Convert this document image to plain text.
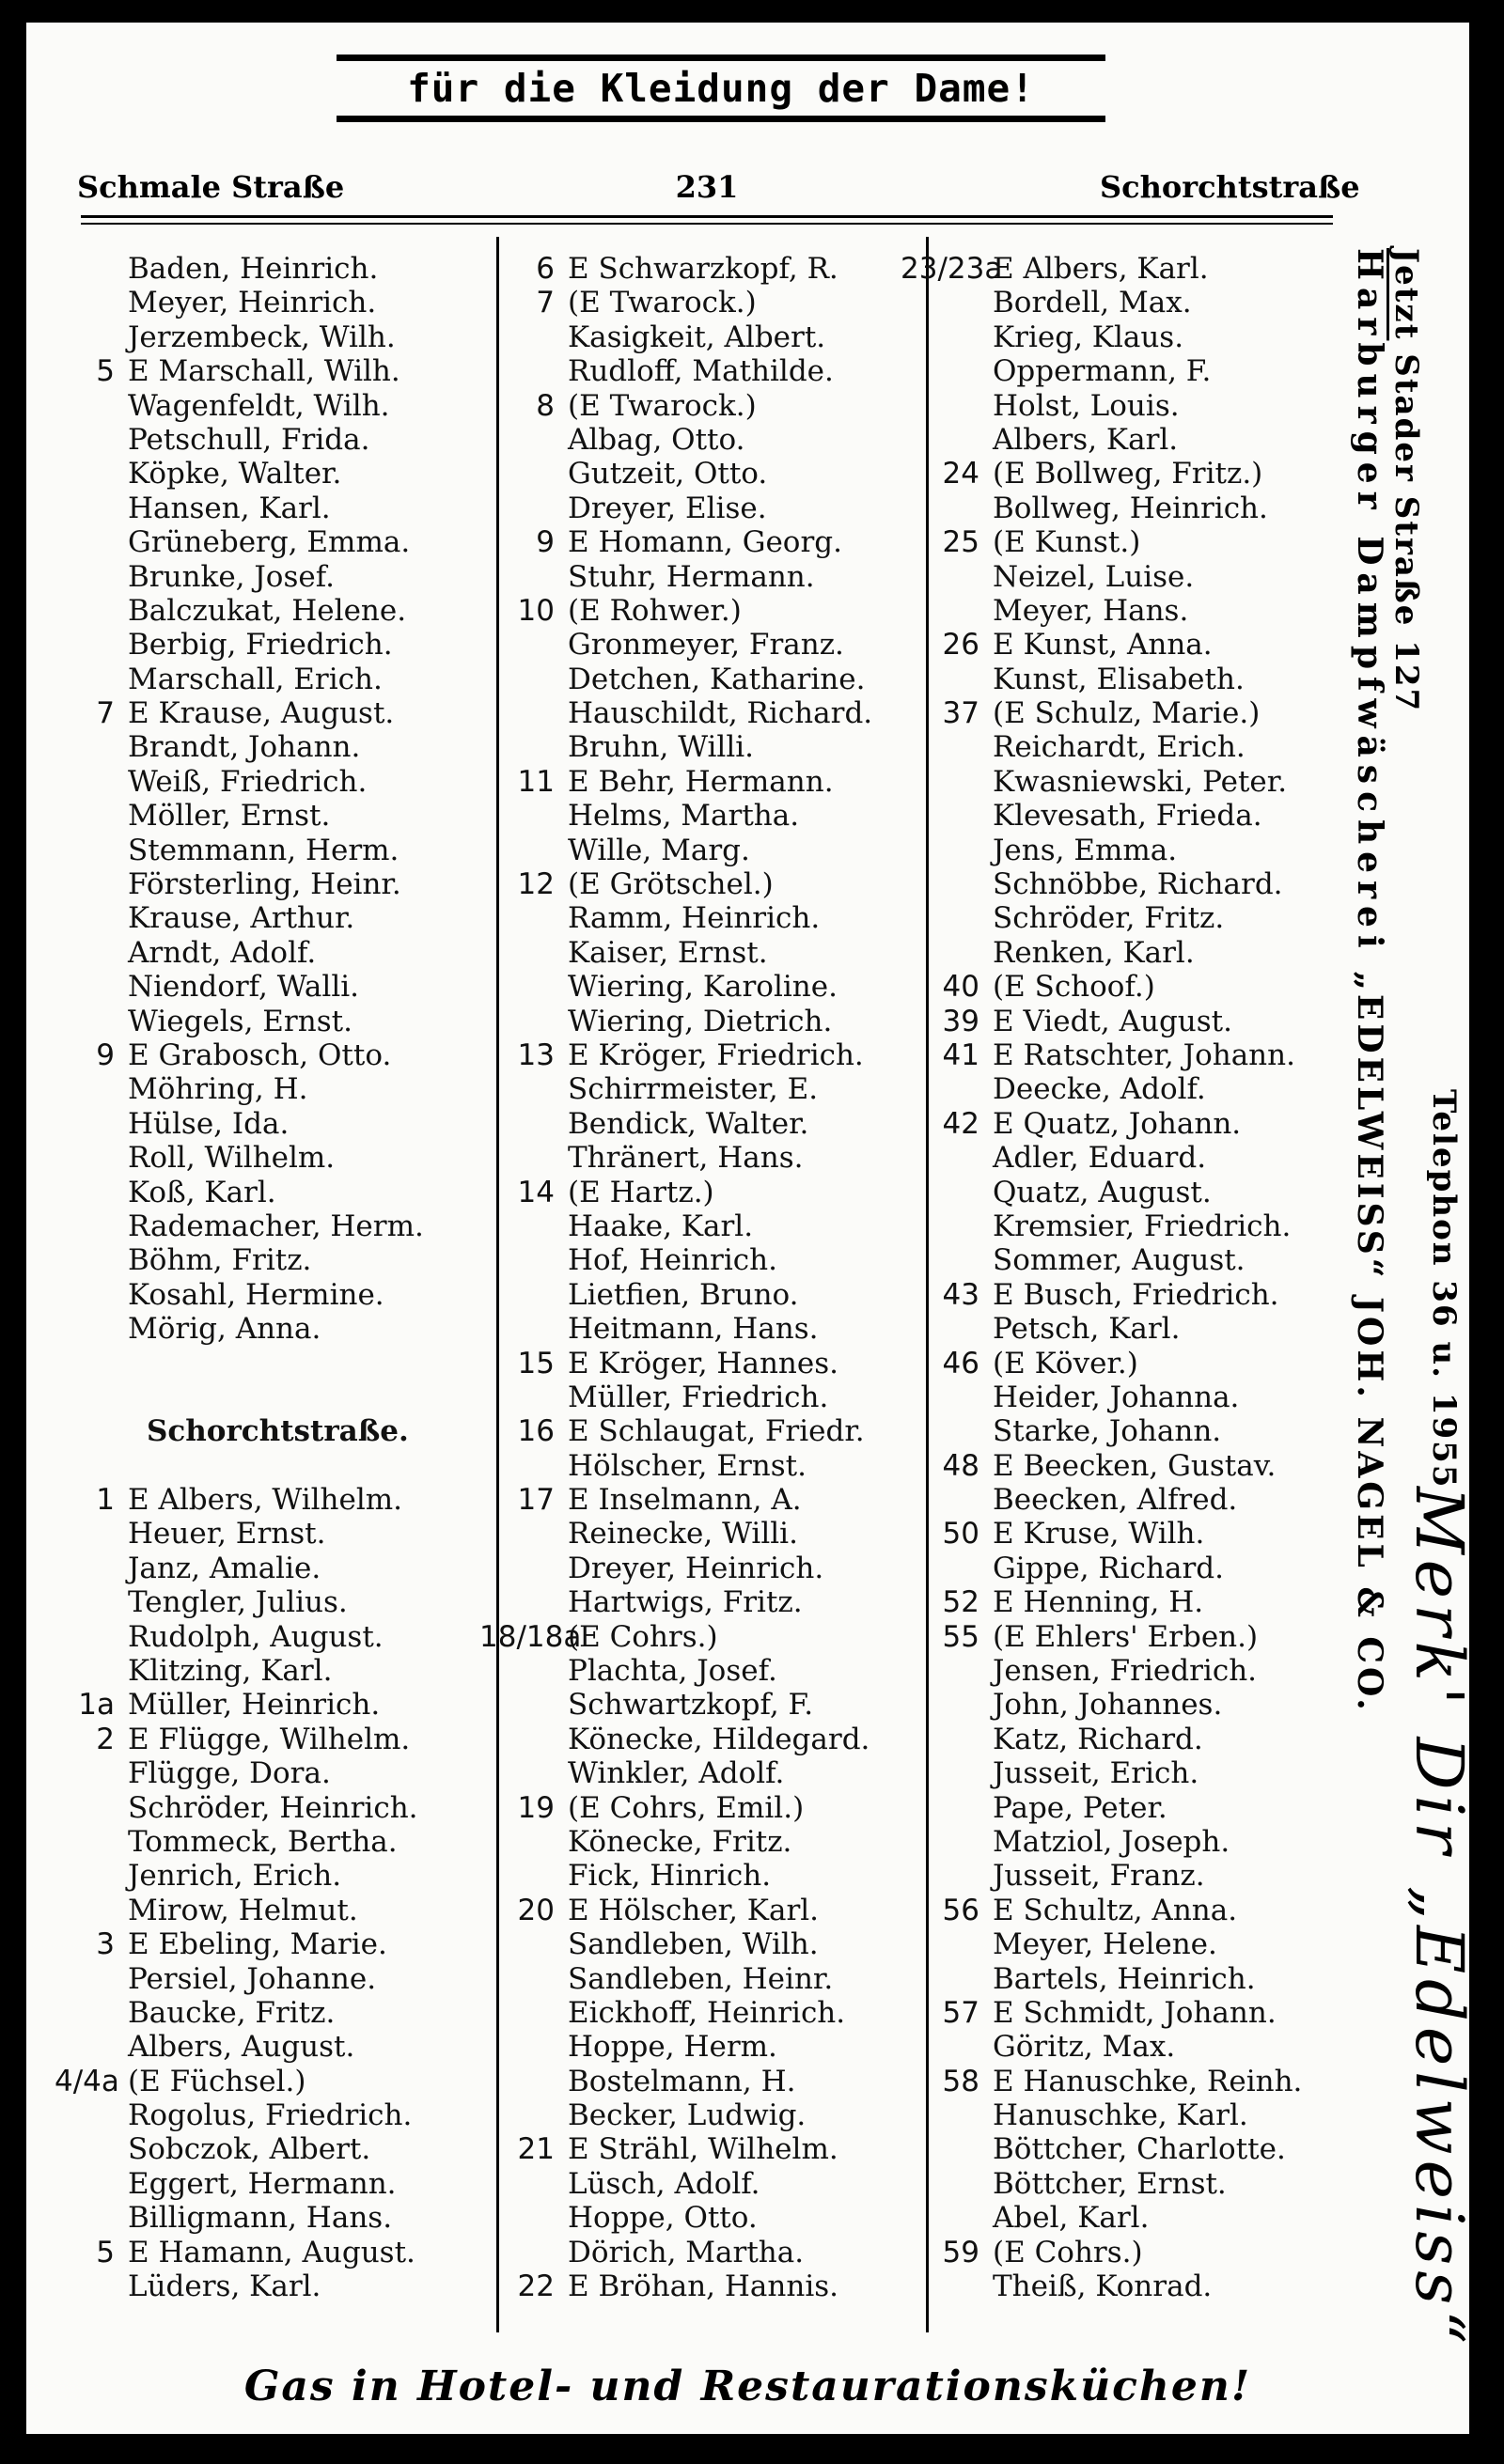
für die Kleidung der Dame!
Schmale Straße	231	Schorchtstraße
Baden, Heinrich.
Meyer, Heinrich.
Jerzembeck, Wilh.
5 E Marschall, Wilh.
Wagenfeldt, Wilh.
Petschull, Frida.
Köpke, Walter.
Hansen, Karl.
Grüneberg, Emma.
Brunke, Josef.
Balczukat, Helene.
Berbig, Friedrich.
Marschall, Erich.
7 E Krause, August.
Brandt, Johann.
Weiß, Friedrich.
Möller, Ernst.
Stemmann, Herm.
Försterling, Heinr.
Krause, Arthur.
Arndt, Adolf.
Niendorf, Walli.
Wiegels, Ernst.
9 E Grabosch, Otto.
Möhring, H.
Hülse, Ida.
Roll, Wilhelm.
Koß, Karl.
Rademacher, Herm.
Böhm, Fritz.
Kosahl, Hermine.
Mörig, Anna.
Schorchtstraße.
1 E Albers, Wilhelm.
Heuer, Ernst.
Janz, Amalie.
Tengler, Julius.
Rudolph, August.
Klitzing, Karl.
1a Müller, Heinrich.
2 E Flügge, Wilhelm.
Flügge, Dora.
Schröder, Heinrich.
Tommeck, Bertha.
Jenrich, Erich.
Mirow, Helmut.
3 E Ebeling, Marie.
Persiel, Johanne.
Baucke, Fritz.
Albers, August.
4/4a (E Füchsel.)
Rogolus, Friedrich.
Sobczok, Albert.
Eggert, Hermann.
Billigmann, Hans.
5 E Hamann, August.
Lüders, Karl.
6 E Schwarzkopf, R.
7 (E Twarock.)
Kasigkeit, Albert.
Rudloff, Mathilde.
8 (E Twarock.)
Albag, Otto.
Gutzeit, Otto.
Dreyer, Elise.
9 E Homann, Georg.
Stuhr, Hermann.
10 (E Rohwer.)
Gronmeyer, Franz.
Detchen, Katharine.
Hauschildt, Richard.
Bruhn, Willi.
11 E Behr, Hermann.
Helms, Martha.
Wille, Marg.
12 (E Grötschel.)
Ramm, Heinrich.
Kaiser, Ernst.
Wiering, Karoline.
Wiering, Dietrich.
13 E Kröger, Friedrich.
Schirrmeister, E.
Bendick, Walter.
Thränert, Hans.
14 (E Hartz.)
Haake, Karl.
Hof, Heinrich.
Lietfien, Bruno.
Heitmann, Hans.
15 E Kröger, Hannes.
Müller, Friedrich.
16 E Schlaugat, Friedr.
Hölscher, Ernst.
17 E Inselmann, A.
Reinecke, Willi.
Dreyer, Heinrich.
Hartwigs, Fritz.
18/18a
(E Cohrs.)
Plachta, Josef.
Schwartzkopf, F.
Könecke, Hildegard.
Winkler, Adolf.
19 (E Cohrs, Emil.)
Könecke, Fritz.
Fick, Hinrich.
20 E Hölscher, Karl.
Sandleben, Wilh.
Sandleben, Heinr.
Eickhoff, Heinrich.
Hoppe, Herm.
Bostelmann, H.
Becker, Ludwig.
21 E Strähl, Wilhelm.
Lüsch, Adolf.
Hoppe, Otto.
Dörich, Martha.
22 E Bröhan, Hannis.
23/23a
E Albers, Karl.
Bordell, Max.
Krieg, Klaus.
Oppermann, F.
Holst, Louis.
Albers, Karl.
24 (E Bollweg, Fritz.)
Bollweg, Heinrich.
25 (E Kunst.)
Neizel, Luise.
Meyer, Hans.
26 E Kunst, Anna.
Kunst, Elisabeth.
37 (E Schulz, Marie.)
Reichardt, Erich.
Kwasniewski, Peter.
Klevesath, Frieda.
Jens, Emma.
Schnöbbe, Richard.
Schröder, Fritz.
Renken, Karl.
40 (E Schoof.)
39 E Viedt, August.
41 E Ratschter, Johann.
Deecke, Adolf.
42 E Quatz, Johann.
Adler, Eduard.
Quatz, August.
Kremsier, Friedrich.
Sommer, August.
43 E Busch, Friedrich.
Petsch, Karl.
46 (E Köver.)
Heider, Johanna.
Starke, Johann.
48 E Beecken, Gustav.
Beecken, Alfred.
50 E Kruse, Wilh.
Gippe, Richard.
52 E Henning, H.
55 (E Ehlers' Erben.)
Jensen, Friedrich.
John, Johannes.
Katz, Richard.
Jusseit, Erich.
Pape, Peter.
Matziol, Joseph.
Jusseit, Franz.
56 E Schultz, Anna.
Meyer, Helene.
Bartels, Heinrich.
57 E Schmidt, Johann.
Göritz, Max.
58 E Hanuschke, Reinh.
Hanuschke, Karl.
Böttcher, Charlotte.
Böttcher, Ernst.
Abel, Karl.
59 (E Cohrs.)
Theiß, Konrad.
Harburger Dampfwäscherei „EDELWEISS“ JOH. NAGEL & CO.
Jetzt Stader Straße 127
Telephon 36 u. 1955
Merk' Dir „Edelweiss“
Gas in Hotel- und Restaurationsküchen!
